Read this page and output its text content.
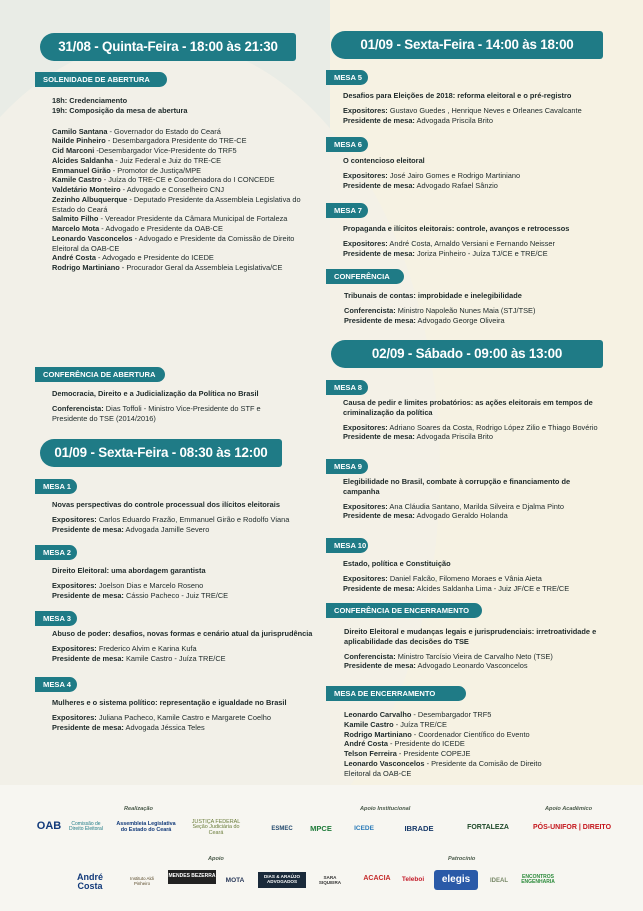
31/08 - Quinta-Feira - 18:00 às 21:30
SOLENIDADE DE ABERTURA

18h: Credenciamento

19h: Composição da mesa de abertura

Camilo Santana - Governador do Estado do Ceará

Nailde Pinheiro - Desembargadora Presidente do TRE-CE

Cid Marconi -Desembargador Vice-Presidente do TRF5

Alcides Saldanha - Juiz Federal e Juiz do TRE-CE

Emmanuel Girão - Promotor de Justiça/MPE

Kamile Castro - Juíza do TRE-CE e Coordenadora do I CONCEDE

Valdetário Monteiro - Advogado e Conselheiro CNJ

Zezinho Albuquerque - Deputado Presidente da Assembleia Legislativa do Estado do Ceará

Salmito Filho - Vereador Presidente da Câmara Municipal de Fortaleza

Marcelo Mota - Advogado e Presidente da OAB-CE

Leonardo Vasconcelos - Advogado e Presidente da Comissão de Direito Eleitoral da OAB-CE

André Costa - Advogado e Presidente do ICEDE

Rodrigo Martiniano - Procurador Geral da Assembleia Legislativa/CE

CONFERÊNCIA DE ABERTURA

Democracia, Direito e a Judicialização da Política no Brasil

Conferencista: Dias Toffoli - Ministro Vice-Presidente do STF e Presidente do TSE (2014/2016)

01/09 - Sexta-Feira - 08:30 às 12:00
MESA 1

Novas perspectivas do controle processual dos ilícitos eleitorais

Expositores: Carlos Eduardo Frazão, Emmanuel Girão e Rodolfo Viana

Presidente de mesa: Advogada Jamille Severo

MESA 2

Direito Eleitoral: uma abordagem garantista

Expositores: Joelson Dias e Marcelo Roseno

Presidente de mesa: Cássio Pacheco - Juiz TRE/CE

MESA 3

Abuso de poder: desafios, novas formas e cenário atual da jurisprudência

Expositores: Frederico Alvim e Karina Kufa

Presidente de mesa: Kamile Castro - Juíza TRE/CE

MESA 4

Mulheres e o sistema político: representação e igualdade no Brasil

Expositores: Juliana Pacheco, Kamile Castro e Margarete Coelho

Presidente de mesa: Advogada Jéssica Teles

01/09 - Sexta-Feira - 14:00 às 18:00
MESA 5

Desafios para Eleições de 2018: reforma eleitoral e o pré-registro

Expositores: Gustavo Guedes , Henrique Neves e Orleanes Cavalcante

Presidente de mesa: Advogada Priscila Brito

MESA 6

O contencioso eleitoral

Expositores: José Jairo Gomes e Rodrigo Martiniano

Presidente de mesa: Advogado Rafael Sânzio

MESA 7

Propaganda e ilícitos eleitorais: controle, avanços e retrocessos

Expositores: André Costa, Arnaldo Versiani e Fernando Neisser

Presidente de mesa: Joriza Pinheiro - Juíza TJ/CE e TRE/CE

CONFERÊNCIA

Tribunais de contas: improbidade e inelegibilidade

Conferencista: Ministro Napoleão Nunes Maia (STJ/TSE)

Presidente de mesa: Advogado George Oliveira

02/09 - Sábado - 09:00 às 13:00
MESA 8

Causa de pedir e limites probatórios: as ações eleitorais em tempos de criminalização da política

Expositores: Adriano Soares da Costa, Rodrigo López Zilio e Thiago Bovério

Presidente de mesa: Advogada Priscila Brito

MESA 9

Elegibilidade no Brasil, combate à corrupção e financiamento de campanha

Expositores: Ana Cláudia Santano, Marilda Silveira e Djalma Pinto

Presidente de mesa: Advogado Geraldo Holanda

MESA 10

Estado, política e Constituição

Expositores: Daniel Falcão, Filomeno Moraes e Vânia Aieta

Presidente de mesa: Alcides Saldanha Lima - Juiz JF/CE e TRE/CE

CONFERÊNCIA DE ENCERRAMENTO

Direito Eleitoral e mudanças legais e jurisprudenciais: irretroatividade e aplicabilidade das decisões do TSE

Conferencista: Ministro Tarcísio Vieira de Carvalho Neto (TSE)

Presidente de mesa: Advogado Leonardo Vasconcelos

MESA DE ENCERRAMENTO

Leonardo Carvalho - Desembargador TRF5

Kamile Castro - Juíza TRE/CE

Rodrigo Martiniano - Coordenador Científico do Evento

André Costa - Presidente do ICEDE

Telson Ferreira - Presidente COPEJE

Leonardo Vasconcelos - Presidente da Comisão de Direito Eleitoral da OAB-CE

Realização	Apoio Institucional	Apoio Acadêmico
Apoio	Patrocínio
OAB	Comissão de Direito Eleitoral
Assembleia Legislativa do Estado do Ceará
JUSTIÇA FEDERAL Seção Judiciária do Ceará
ESMEC	MPCE	ICEDE	IBRADE	FORTALEZA	PÓS-UNIFOR | DIREITO
André Costa
Instituto Aldi Pinheiro
MENDES BEZERRA
MOTA	DIAS & ARAÚJO ADVOGADOS
SARA SIQUEIRA
ACACIA	Teleboi	elegis	IDEAL
ENCONTROS ENGENHARIA
